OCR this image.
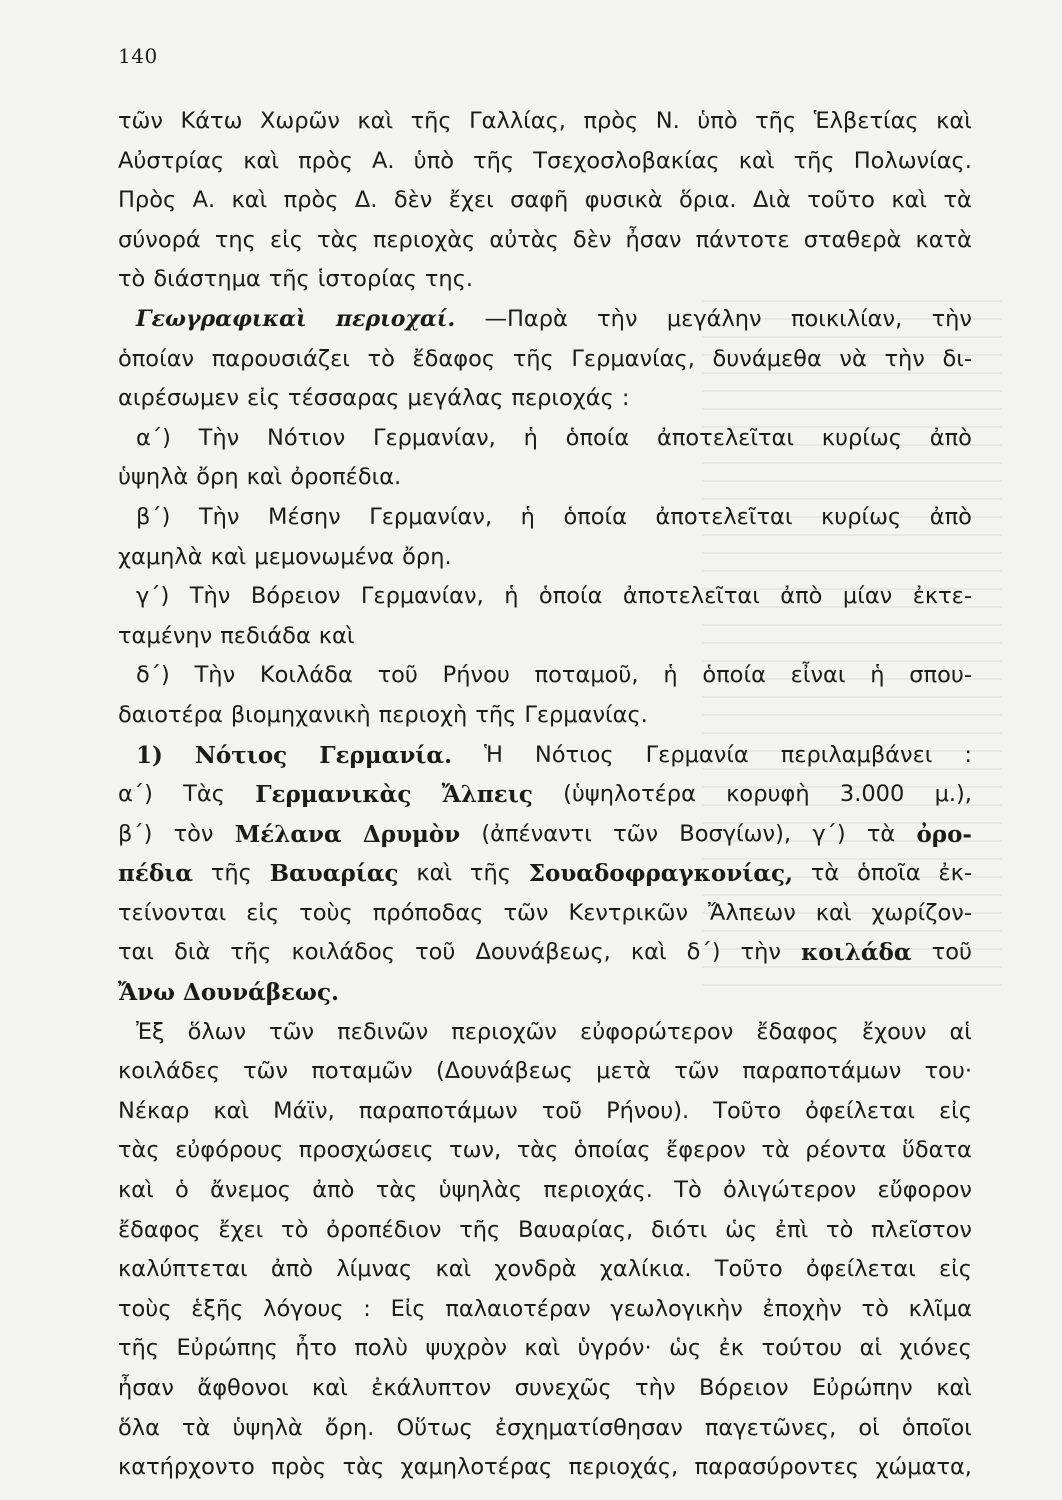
140
τῶν Κάτω Χωρῶν καὶ τῆς Γαλλίας, πρὸς Ν. ὑπὸ τῆς Ἑλβετίας καὶ
Αὐστρίας καὶ πρὸς Α. ὑπὸ τῆς Τσεχοσλοβακίας καὶ τῆς Πολωνίας.
Πρὸς Α. καὶ πρὸς Δ. δὲν ἔχει σαφῆ φυσικὰ ὅρια. Διὰ τοῦτο καὶ τὰ
σύνορά της εἰς τὰς περιοχὰς αὐτὰς δὲν ἦσαν πάντοτε σταθερὰ κατὰ
τὸ διάστημα τῆς ἱστορίας της.
Γεωγραφικαὶ περιοχαί. —Παρὰ τὴν μεγάλην ποικιλίαν, τὴν
ὁποίαν παρουσιάζει τὸ ἔδαφος τῆς Γερμανίας, δυνάμεθα νὰ τὴν δι-
αιρέσωμεν εἰς τέσσαρας μεγάλας περιοχάς :
α΄) Τὴν Νότιον Γερμανίαν, ἡ ὁποία ἀποτελεῖται κυρίως ἀπὸ
ὑψηλὰ ὄρη καὶ ὀροπέδια.
β΄) Τὴν Μέσην Γερμανίαν, ἡ ὁποία ἀποτελεῖται κυρίως ἀπὸ
χαμηλὰ καὶ μεμονωμένα ὄρη.
γ΄) Τὴν Βόρειον Γερμανίαν, ἡ ὁποία ἀποτελεῖται ἀπὸ μίαν ἐκτε-
ταμένην πεδιάδα καὶ
δ΄) Τὴν Κοιλάδα τοῦ Ρήνου ποταμοῦ, ἡ ὁποία εἶναι ἡ σπου-
δαιοτέρα βιομηχανικὴ περιοχὴ τῆς Γερμανίας.
1) Νότιος Γερμανία. Ἡ Νότιος Γερμανία περιλαμβάνει :
α΄) Τὰς Γερμανικὰς Ἄλπεις (ὑψηλοτέρα κορυφὴ 3.000 μ.),
β΄) τὸν Μέλανα Δρυμὸν (ἀπέναντι τῶν Βοσγίων), γ΄) τὰ ὀρο-
πέδια τῆς Βαυαρίας καὶ τῆς Σουαδοφραγκονίας, τὰ ὁποῖα ἐκ-
τείνονται εἰς τοὺς πρόποδας τῶν Κεντρικῶν Ἄλπεων καὶ χωρίζον-
ται διὰ τῆς κοιλάδος τοῦ Δουνάβεως, καὶ δ΄) τὴν κοιλάδα τοῦ
Ἄνω Δουνάβεως.
Ἐξ ὅλων τῶν πεδινῶν περιοχῶν εὐφορώτερον ἔδαφος ἔχουν αἱ
κοιλάδες τῶν ποταμῶν (Δουνάβεως μετὰ τῶν παραποτάμων του·
Νέκαρ καὶ Μάϊν, παραποτάμων τοῦ Ρήνου). Τοῦτο ὀφείλεται εἰς
τὰς εὐφόρους προσχώσεις των, τὰς ὁποίας ἔφερον τὰ ρέοντα ὕδατα
καὶ ὁ ἄνεμος ἀπὸ τὰς ὑψηλὰς περιοχάς. Τὸ ὀλιγώτερον εὔφορον
ἔδαφος ἔχει τὸ ὀροπέδιον τῆς Βαυαρίας, διότι ὡς ἐπὶ τὸ πλεῖστον
καλύπτεται ἀπὸ λίμνας καὶ χονδρὰ χαλίκια. Τοῦτο ὀφείλεται εἰς
τοὺς ἑξῆς λόγους : Εἰς παλαιοτέραν γεωλογικὴν ἐποχὴν τὸ κλῖμα
τῆς Εὐρώπης ἦτο πολὺ ψυχρὸν καὶ ὑγρόν· ὡς ἐκ τούτου αἱ χιόνες
ἦσαν ἄφθονοι καὶ ἐκάλυπτον συνεχῶς τὴν Βόρειον Εὐρώπην καὶ
ὅλα τὰ ὑψηλὰ ὄρη. Οὕτως ἐσχηματίσθησαν παγετῶνες, οἱ ὁποῖοι
κατήρχοντο πρὸς τὰς χαμηλοτέρας περιοχάς, παρασύροντες χώματα,
